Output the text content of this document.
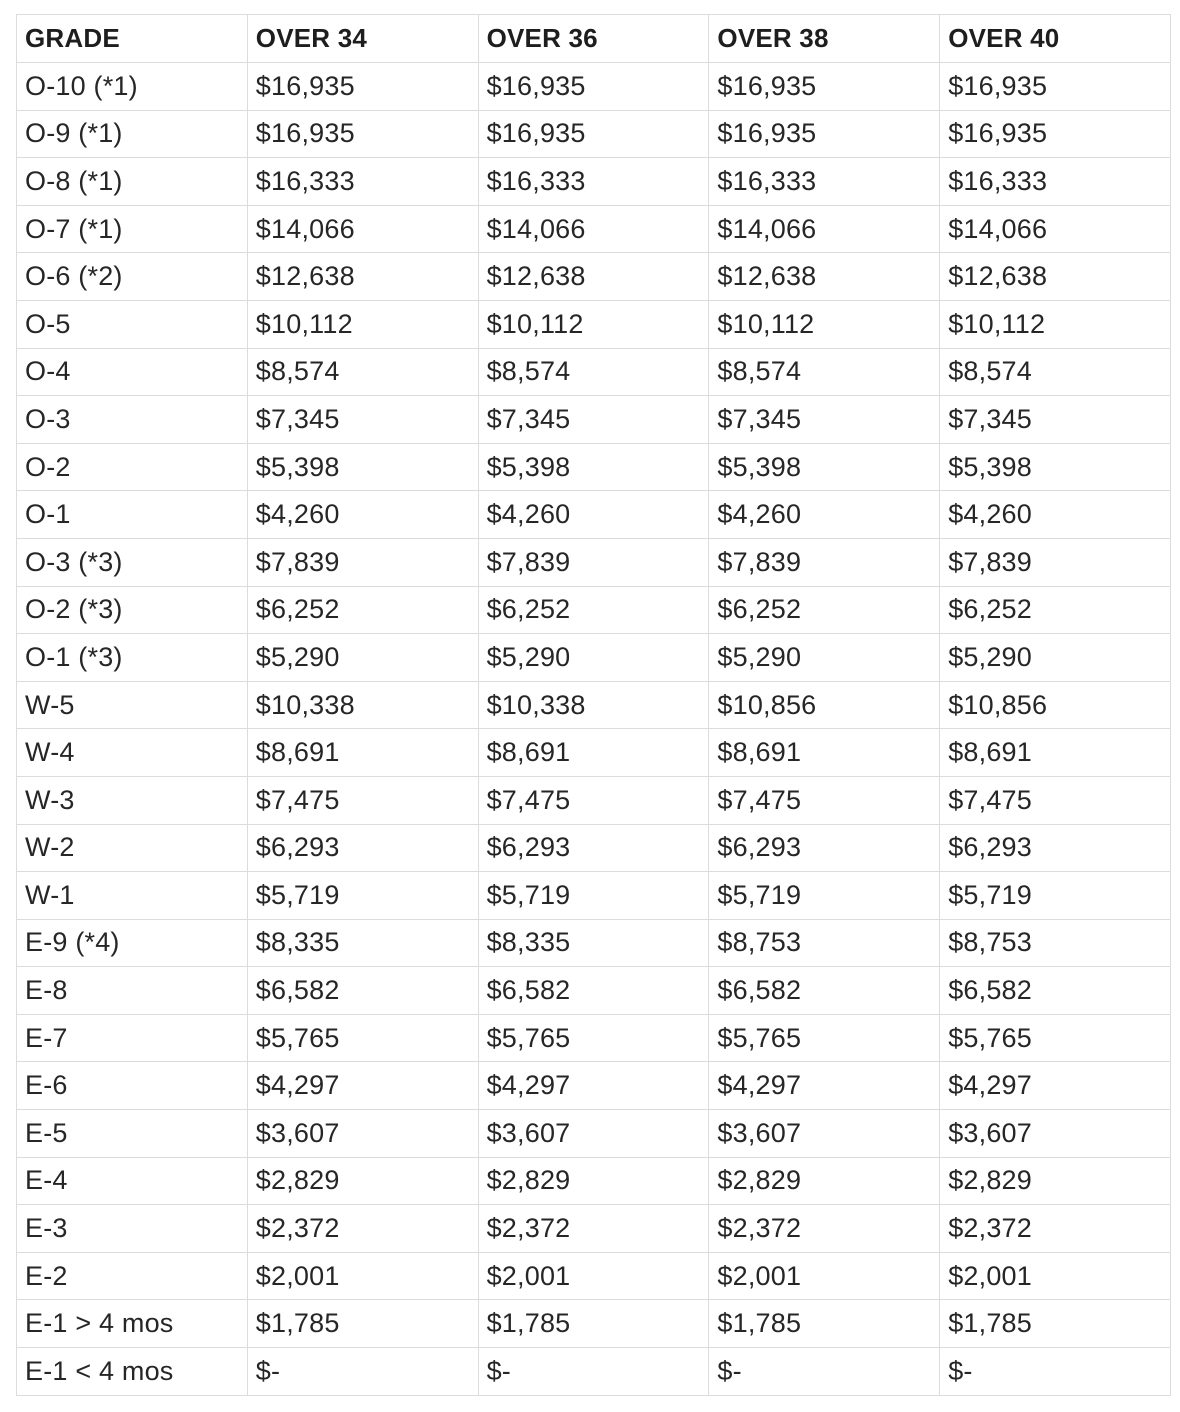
GRADE	OVER 34	OVER 36	OVER 38	OVER 40
O-10 (*1)	$16,935	$16,935	$16,935	$16,935
O-9 (*1)	$16,935	$16,935	$16,935	$16,935
O-8 (*1)	$16,333	$16,333	$16,333	$16,333
O-7 (*1)	$14,066	$14,066	$14,066	$14,066
O-6 (*2)	$12,638	$12,638	$12,638	$12,638
O-5	$10,112	$10,112	$10,112	$10,112
O-4	$8,574	$8,574	$8,574	$8,574
O-3	$7,345	$7,345	$7,345	$7,345
O-2	$5,398	$5,398	$5,398	$5,398
O-1	$4,260	$4,260	$4,260	$4,260
O-3 (*3)	$7,839	$7,839	$7,839	$7,839
O-2 (*3)	$6,252	$6,252	$6,252	$6,252
O-1 (*3)	$5,290	$5,290	$5,290	$5,290
W-5	$10,338	$10,338	$10,856	$10,856
W-4	$8,691	$8,691	$8,691	$8,691
W-3	$7,475	$7,475	$7,475	$7,475
W-2	$6,293	$6,293	$6,293	$6,293
W-1	$5,719	$5,719	$5,719	$5,719
E-9 (*4)	$8,335	$8,335	$8,753	$8,753
E-8	$6,582	$6,582	$6,582	$6,582
E-7	$5,765	$5,765	$5,765	$5,765
E-6	$4,297	$4,297	$4,297	$4,297
E-5	$3,607	$3,607	$3,607	$3,607
E-4	$2,829	$2,829	$2,829	$2,829
E-3	$2,372	$2,372	$2,372	$2,372
E-2	$2,001	$2,001	$2,001	$2,001
E-1 > 4 mos	$1,785	$1,785	$1,785	$1,785
E-1 < 4 mos	$-	$-	$-	$-
